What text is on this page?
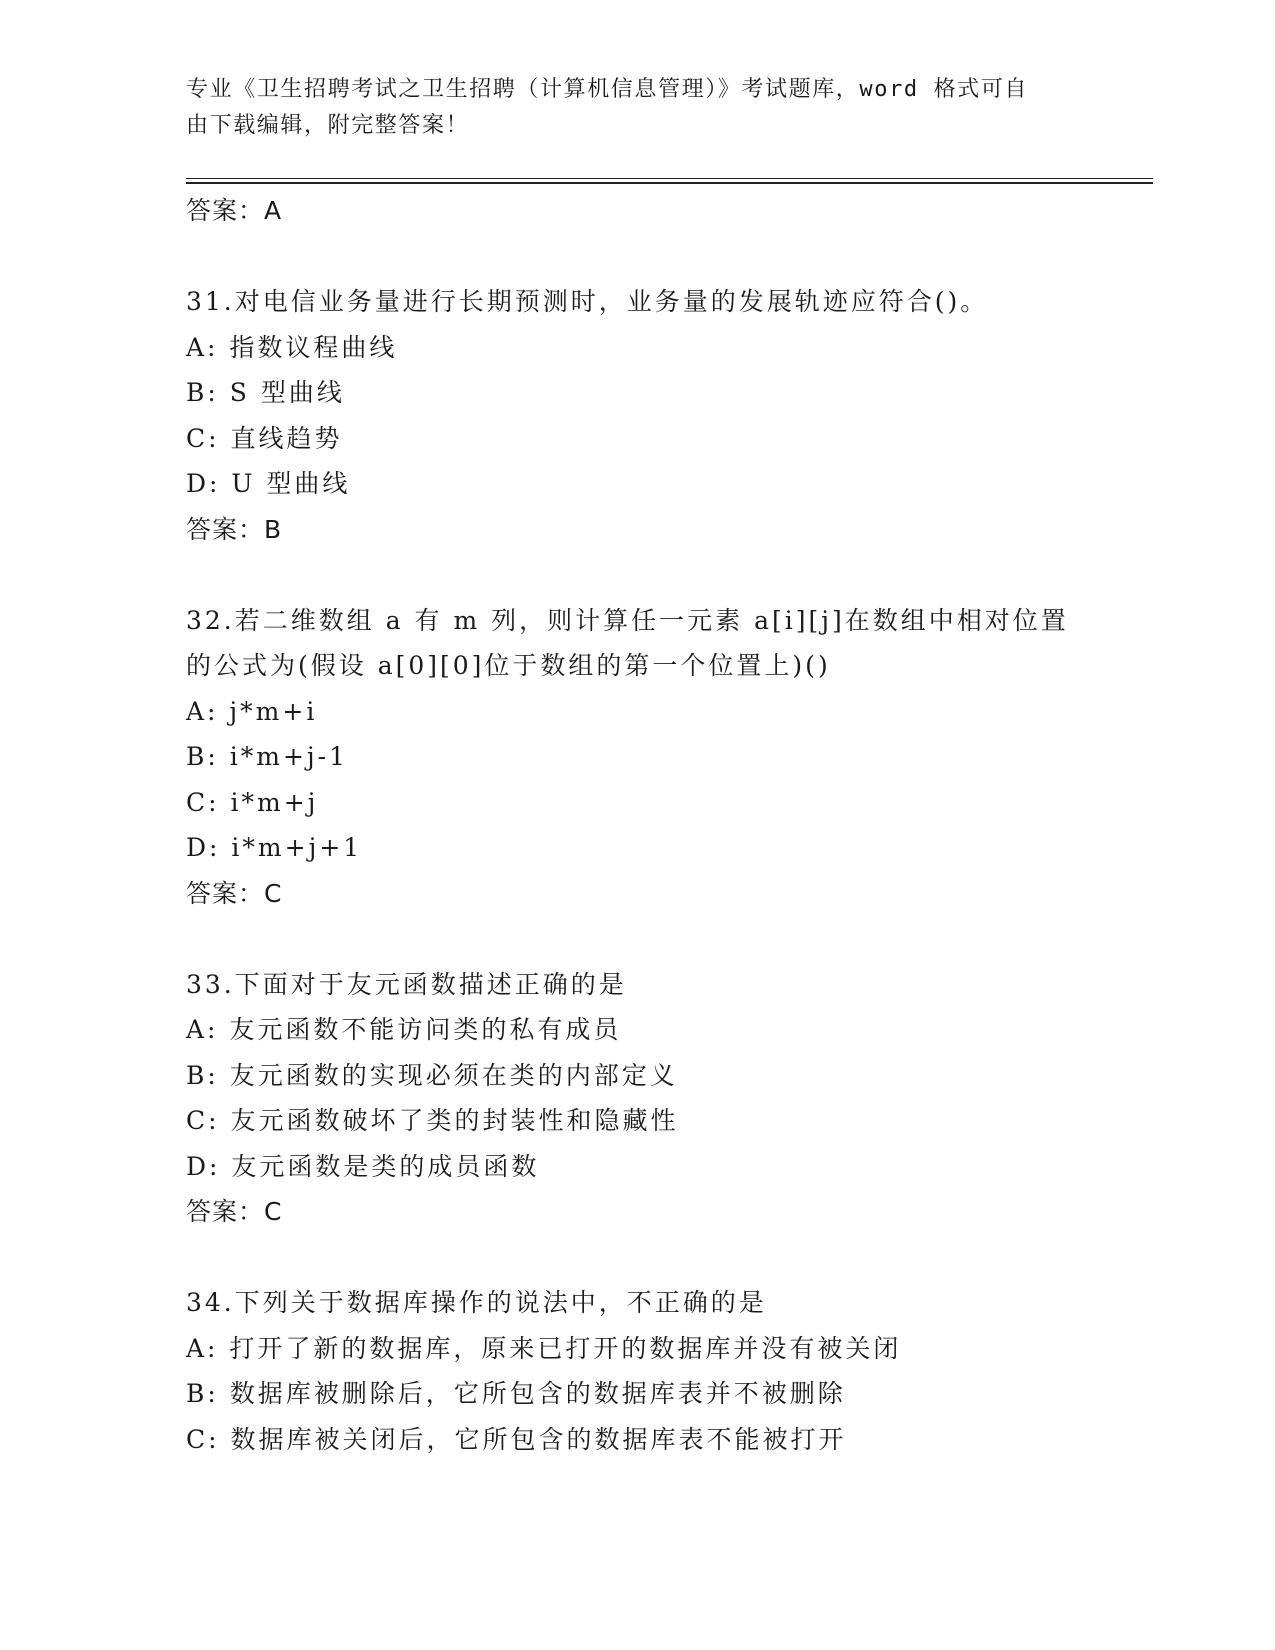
专业《卫生招聘考试之卫生招聘（计算机信息管理）》考试题库，word 格式可自
由下载编辑，附完整答案！
答案：A
31.对电信业务量进行长期预测时，业务量的发展轨迹应符合()。
A: 指数议程曲线
B: S 型曲线
C: 直线趋势
D: U 型曲线
答案：B
32.若二维数组 a 有 m 列，则计算任一元素 a[i][j]在数组中相对位置
的公式为(假设 a[0][0]位于数组的第一个位置上)()
A: j*m+i
B: i*m+j-1
C: i*m+j
D: i*m+j+1
答案：C
33.下面对于友元函数描述正确的是
A: 友元函数不能访问类的私有成员
B: 友元函数的实现必须在类的内部定义
C: 友元函数破坏了类的封装性和隐藏性
D: 友元函数是类的成员函数
答案：C
34.下列关于数据库操作的说法中，不正确的是
A: 打开了新的数据库，原来已打开的数据库并没有被关闭
B: 数据库被删除后，它所包含的数据库表并不被删除
C: 数据库被关闭后，它所包含的数据库表不能被打开
